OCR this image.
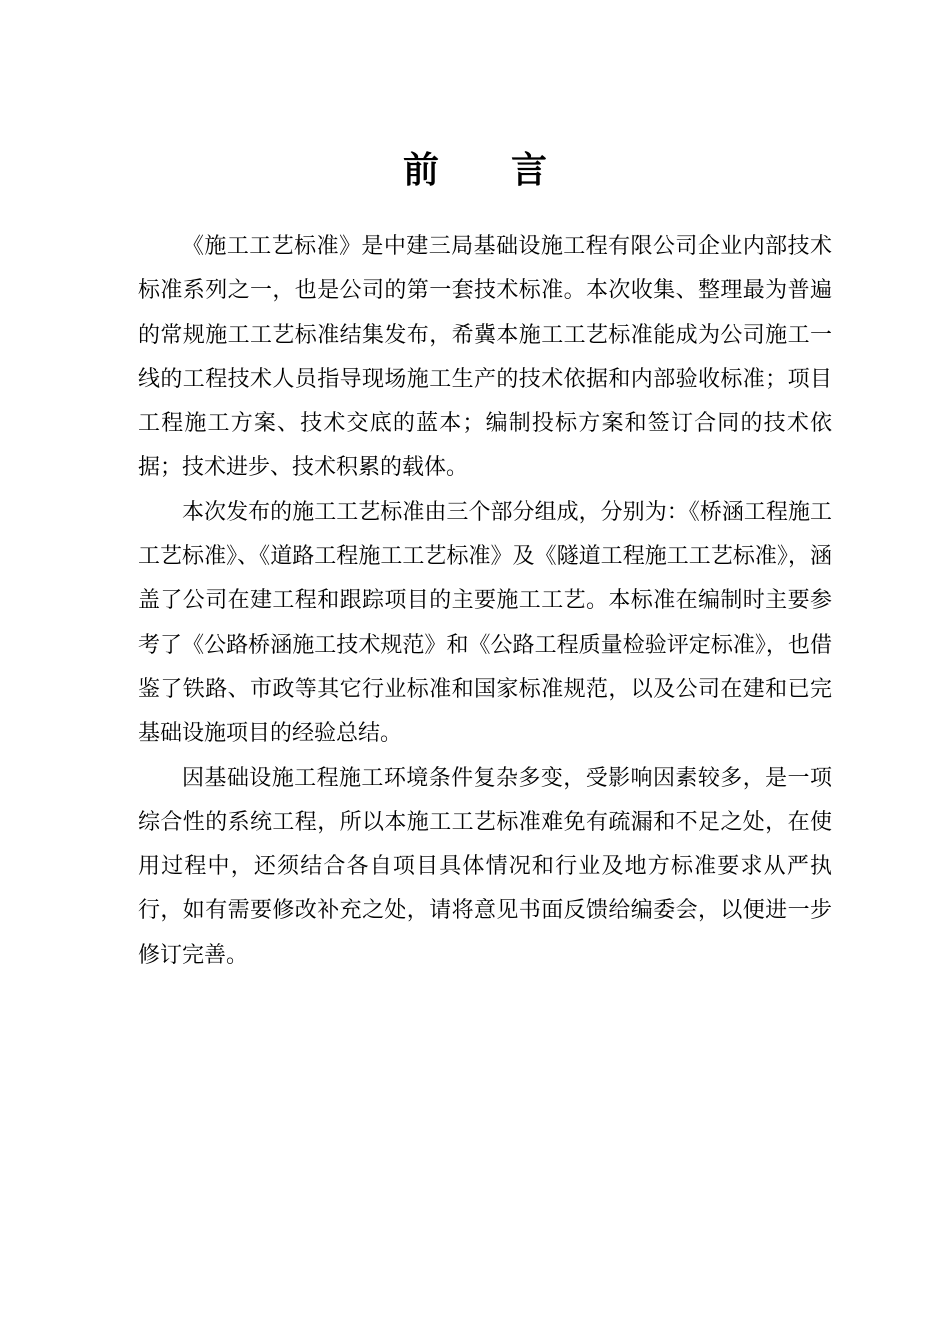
前 言

《施工工艺标准》是中建三局基础设施工程有限公司企业内部技术标准系列之一，也是公司的第一套技术标准。本次收集、整理最为普遍的常规施工工艺标准结集发布，希冀本施工工艺标准能成为公司施工一线的工程技术人员指导现场施工生产的技术依据和内部验收标准；项目工程施工方案、技术交底的蓝本；编制投标方案和签订合同的技术依据；技术进步、技术积累的载体。

本次发布的施工工艺标准由三个部分组成，分别为：《桥涵工程施工工艺标准》、《道路工程施工工艺标准》及《隧道工程施工工艺标准》，涵盖了公司在建工程和跟踪项目的主要施工工艺。本标准在编制时主要参考了《公路桥涵施工技术规范》和《公路工程质量检验评定标准》，也借鉴了铁路、市政等其它行业标准和国家标准规范，以及公司在建和已完基础设施项目的经验总结。

因基础设施工程施工环境条件复杂多变，受影响因素较多，是一项综合性的系统工程，所以本施工工艺标准难免有疏漏和不足之处，在使用过程中，还须结合各自项目具体情况和行业及地方标准要求从严执行，如有需要修改补充之处，请将意见书面反馈给编委会，以便进一步修订完善。
